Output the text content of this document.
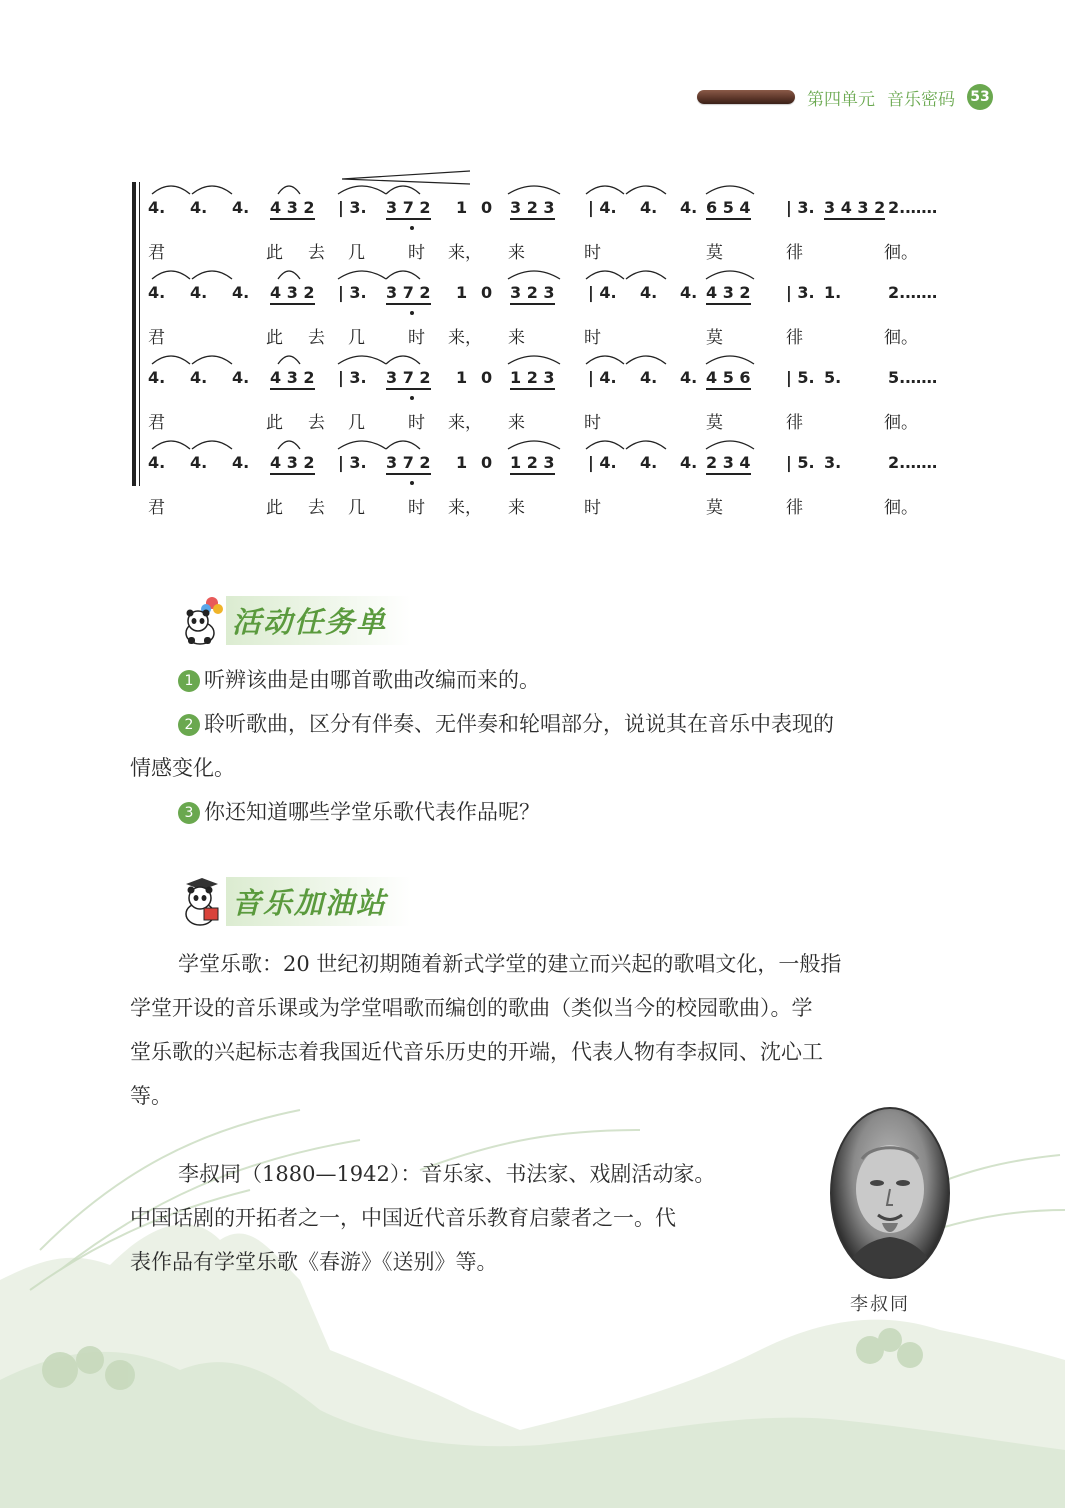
第四单元 音乐密码 53
4. 4. 4. 4 3 2 | 3. 3 7 2 1 0 3 2 3 | 4. 4. 4. 6 5 4 | 3. 3 4 3 2 2.……
君	此 去 几	时 来， 来	时	莫	徘	徊。
4. 4. 4. 4 3 2 | 3. 3 7 2 1 0 3 2 3 | 4. 4. 4. 4 3 2 | 3. 1.	2.……
君	此 去 几	时 来， 来	时	莫	徘	徊。
4. 4. 4. 4 3 2 | 3. 3 7 2 1 0 1 2 3 | 4. 4. 4. 4 5 6 | 5. 5.	5.……
君	此 去 几	时 来， 来	时	莫	徘	徊。
4. 4. 4. 4 3 2 | 3. 3 7 2 1 0 1 2 3 | 4. 4. 4. 2 3 4 | 5. 3.	2.……
君	此 去 几	时 来， 来	时	莫	徘	徊。
活动任务单

1 听辨该曲是由哪首歌曲改编而来的。

2 聆听歌曲，区分有伴奏、无伴奏和轮唱部分，说说其在音乐中表现的

情感变化。

3 你还知道哪些学堂乐歌代表作品呢？

音乐加油站

学堂乐歌：20 世纪初期随着新式学堂的建立而兴起的歌唱文化，一般指

学堂开设的音乐课或为学堂唱歌而编创的歌曲（类似当今的校园歌曲）。学

堂乐歌的兴起标志着我国近代音乐历史的开端，代表人物有李叔同、沈心工

等。

李叔同（1880—1942）：音乐家、书法家、戏剧活动家。

中国话剧的开拓者之一，中国近代音乐教育启蒙者之一。代

表作品有学堂乐歌《春游》《送别》等。

李叔同
